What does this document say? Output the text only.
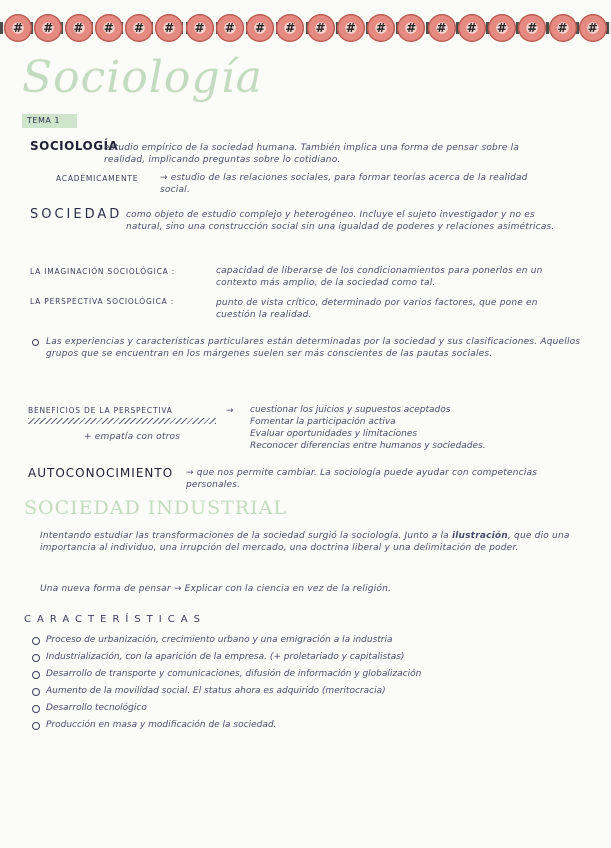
# # # # # # # # # # # # # # # # # # # #
Sociología
TEMA 1
SOCIOLOGÍA
estudio empírico de la sociedad humana. También implica una forma de pensar sobre la realidad, implicando preguntas sobre lo cotidiano.
ACADÉMICAMENTE → estudio de las relaciones sociales, para formar teorías acerca de la realidad social.
SOCIEDAD como objeto de estudio complejo y heterogéneo. Incluye el sujeto investigador y no es natural, sino una construcción social sin una igualdad de poderes y relaciones asimétricas.
LA IMAGINACIÓN SOCIOLÓGICA :	capacidad de liberarse de los condicionamientos para ponerlos en un contexto más amplio, de la sociedad como tal.
LA PERSPECTIVA SOCIOLÓGICA :	punto de vista crítico, determinado por varios factores, que pone en cuestión la realidad.
Las experiencias y características particulares están determinadas por la sociedad y sus clasificaciones. Aquellos grupos que se encuentran en los márgenes suelen ser más conscientes de las pautas sociales.
BENEFICIOS DE LA PERSPECTIVA	→ cuestionar los juicios y supuestos aceptados
Fomentar la participación activa
Evaluar oportunidades y limitaciones
Reconocer diferencias entre humanos y sociedades.
+ empatía con otros
AUTOCONOCIMIENTO → que nos permite cambiar. La sociología puede ayudar con competencias personales.
SOCIEDAD INDUSTRIAL
Intentando estudiar las transformaciones de la sociedad surgió la sociología. Junto a la ilustración, que dio una importancia al individuo, una irrupción del mercado, una doctrina liberal y una delimitación de poder.
Una nueva forma de pensar → Explicar con la ciencia en vez de la religión.
CARACTERÍSTICAS
Proceso de urbanización, crecimiento urbano y una emigración a la industria
Industrialización, con la aparición de la empresa. (+ proletariado y capitalistas)
Desarrollo de transporte y comunicaciones, difusión de información y globalización
Aumento de la movilidad social. El status ahora es adquirido (meritocracia)
Desarrollo tecnológico
Producción en masa y modificación de la sociedad.
